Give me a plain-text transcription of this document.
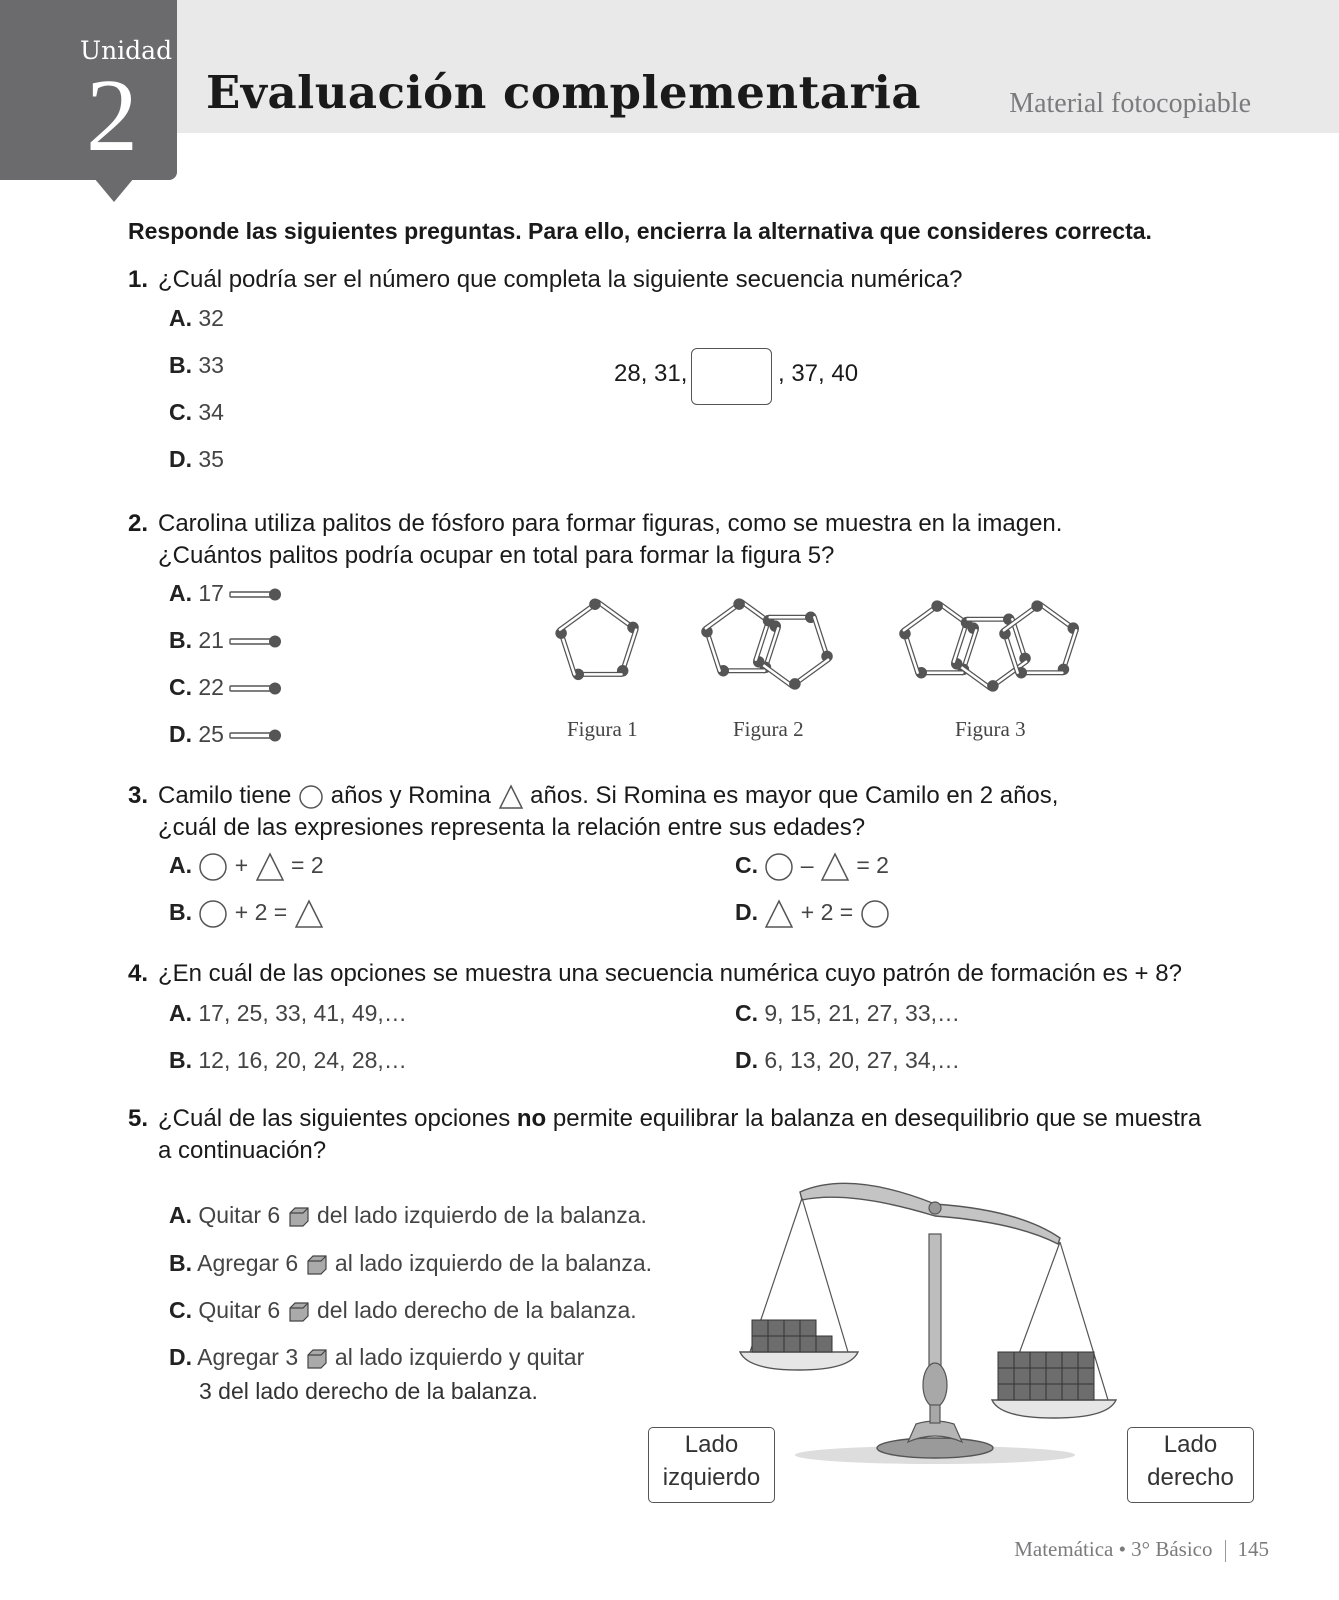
Unidad
2 Evaluación complementaria	Material fotocopiable
Responde las siguientes preguntas. Para ello, encierra la alternativa que consideres correcta.
1. ¿Cuál podría ser el número que completa la siguiente secuencia numérica?
A. 32
B. 33
C. 34
D. 35
28, 31,	, 37, 40
2. Carolina utiliza palitos de fósforo para formar figuras, como se muestra en la imagen.
¿Cuántos palitos podría ocupar en total para formar la figura 5?
A. 17
B. 21
C. 22
D. 25	Figura 1	Figura 2	Figura 3
3. Camilo tiene años y Romina años. Si Romina es mayor que Camilo en 2 años,
¿cuál de las expresiones representa la relación entre sus edades?
A. + = 2
B. + 2 =
C. – = 2
D. + 2 =
4. ¿En cuál de las opciones se muestra una secuencia numérica cuyo patrón de formación es + 8?
A. 17, 25, 33, 41, 49,…
B. 12, 16, 20, 24, 28,…
C. 9, 15, 21, 27, 33,…
D. 6, 13, 20, 27, 34,…
5. ¿Cuál de las siguientes opciones no permite equilibrar la balanza en desequilibrio que se muestra
a continuación?
A. Quitar 6 del lado izquierdo de la balanza.
B. Agregar 6 al lado izquierdo de la balanza.
C. Quitar 6 del lado derecho de la balanza.
D. Agregar 3 al lado izquierdo y quitar
3 del lado derecho de la balanza.
Lado
izquierdo
Lado
derecho
Matemática • 3° Básico 145
